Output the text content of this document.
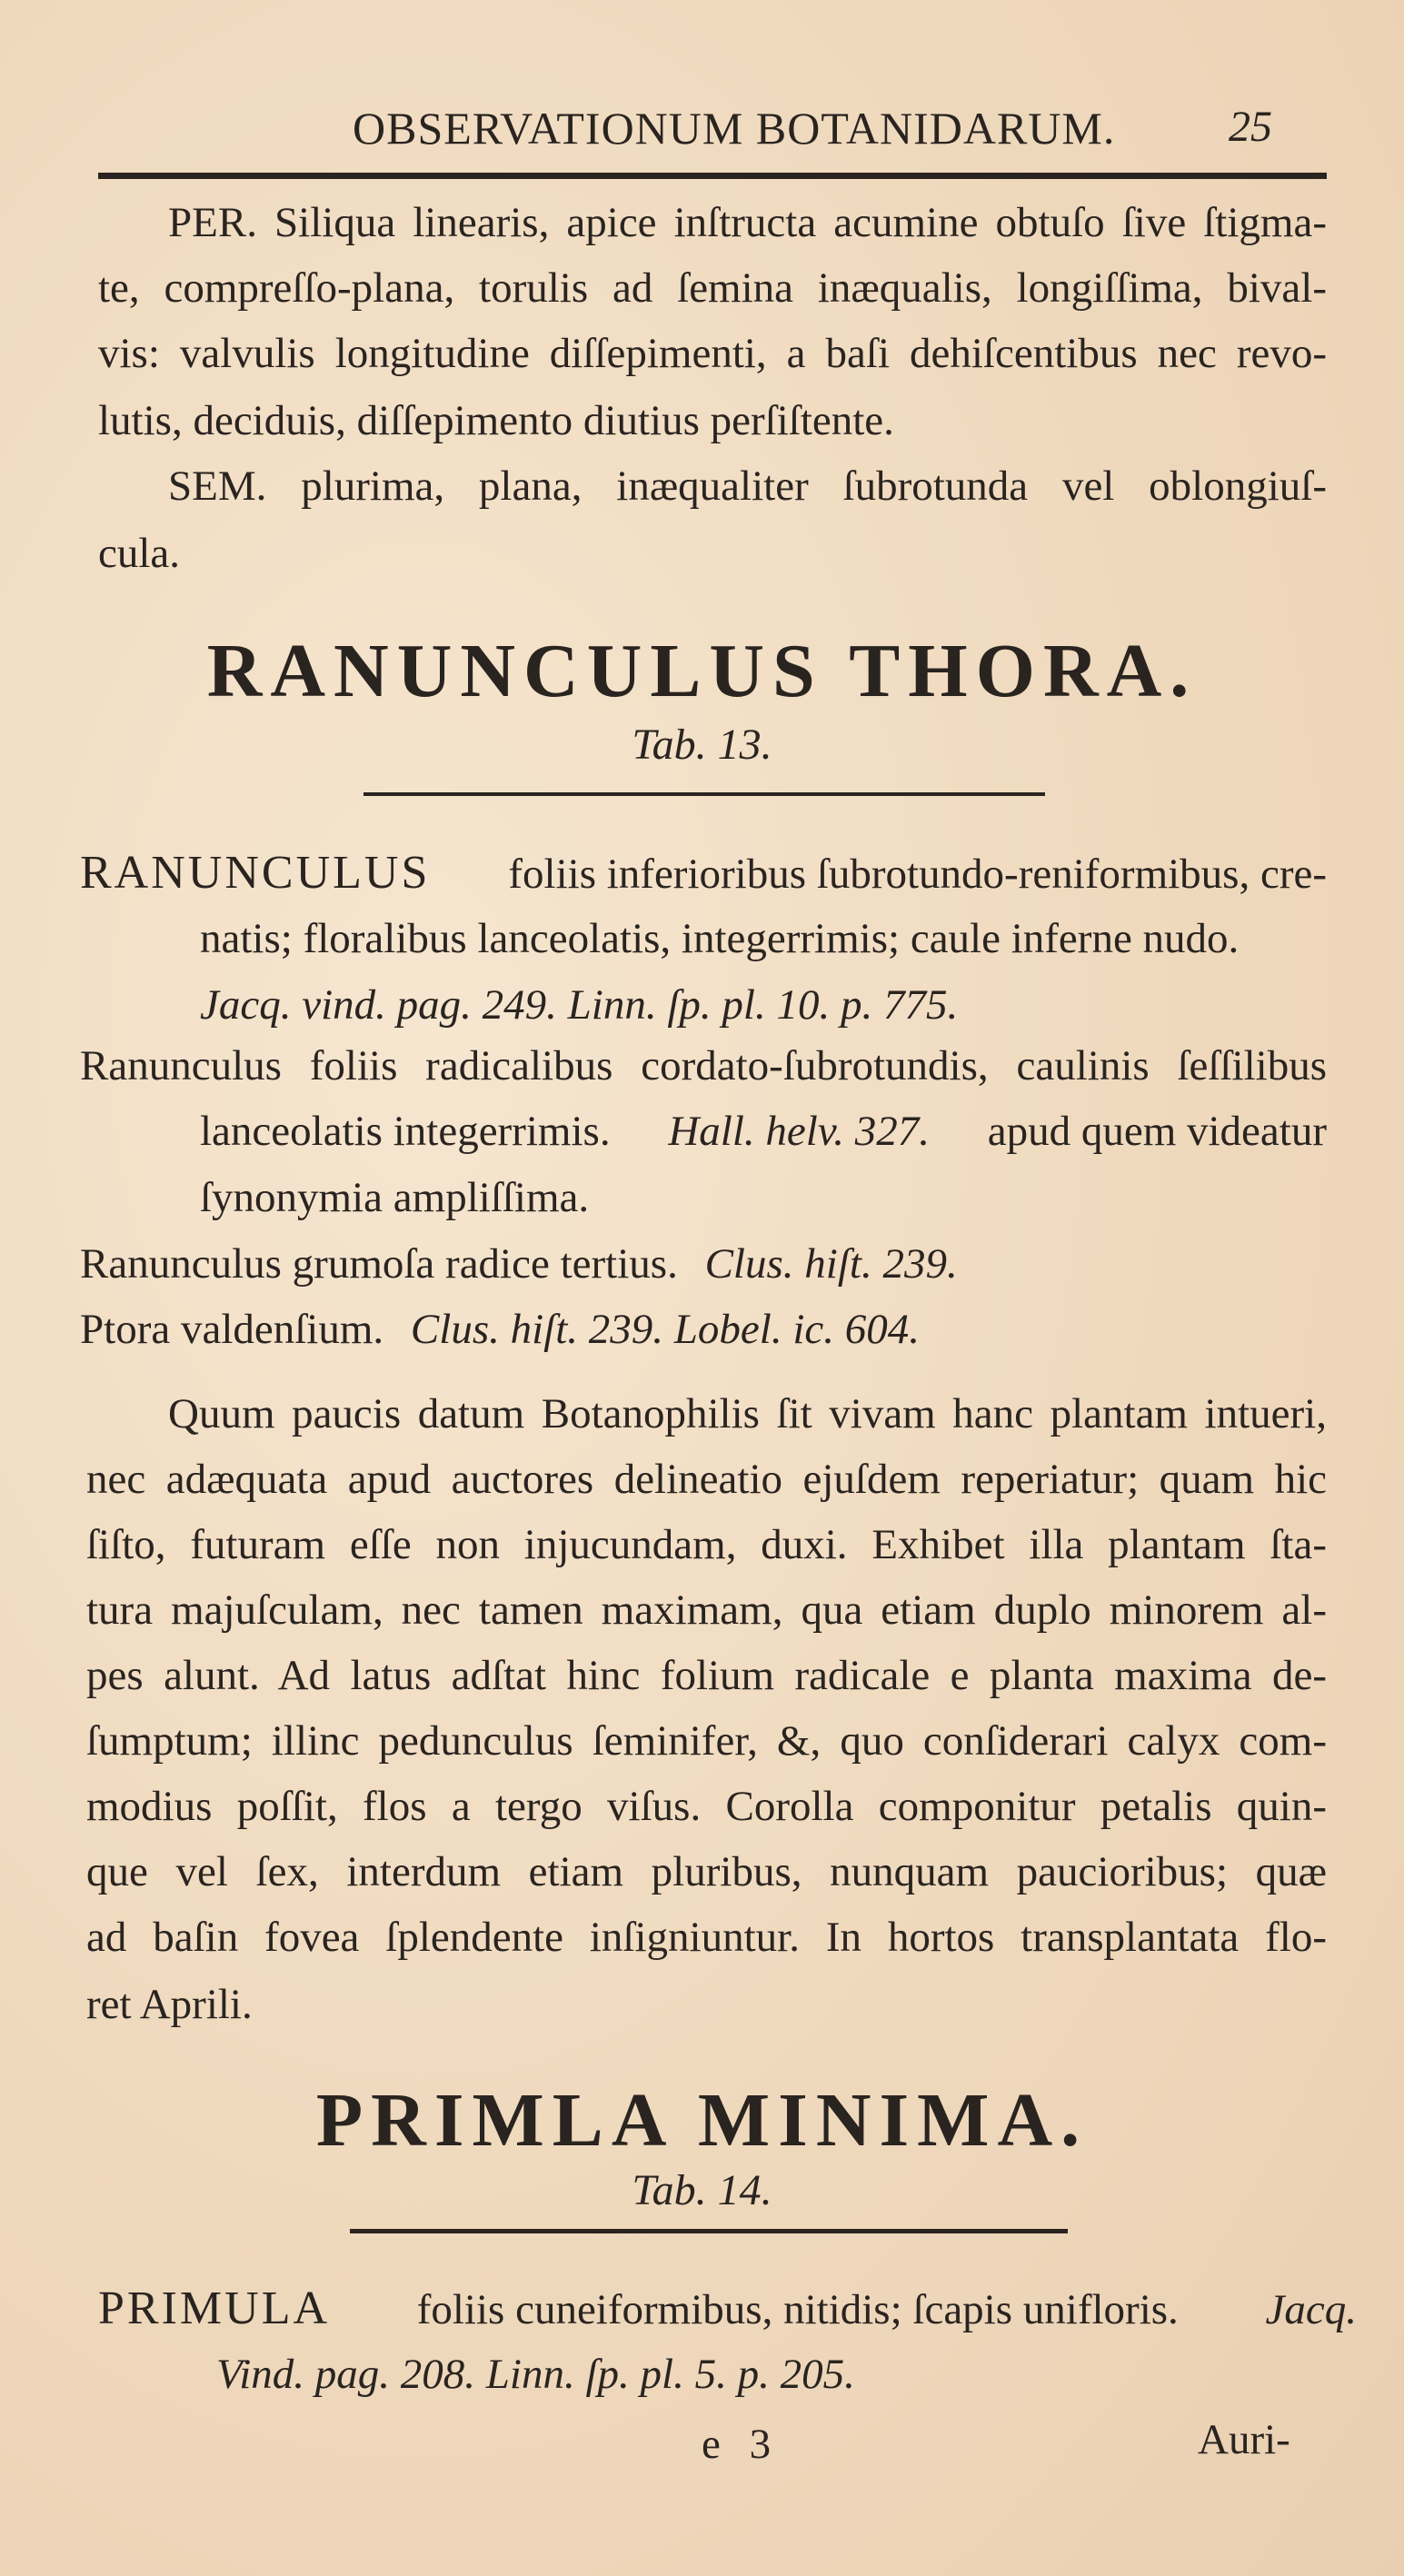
OBSERVATIONUM BOTANIDARUM.	25
PER. Siliqua linearis, apice inſtructa acumine obtuſo ſive ſtigma-
te, compreſſo-plana, torulis ad ſemina inæqualis, longiſſima, bival-
vis: valvulis longitudine diſſepimenti, a baſi dehiſcentibus nec revo-
lutis, deciduis, diſſepimento diutius perſiſtente.
SEM. plurima, plana, inæqualiter ſubrotunda vel oblongiuſ-
cula.
RANUNCULUS THORA.
Tab. 13.
RANUNCULUS foliis inferioribus ſubrotundo-reniformibus, cre-
natis; floralibus lanceolatis, integerrimis; caule inferne nudo.
Jacq. vind. pag. 249. Linn. ſp. pl. 10. p. 775.
Ranunculus foliis radicalibus cordato-ſubrotundis, caulinis ſeſſilibus
lanceolatis integerrimis. Hall. helv. 327. apud quem videatur
ſynonymia ampliſſima.
Ranunculus grumoſa radice tertius. Clus. hiſt. 239.
Ptora valdenſium. Clus. hiſt. 239. Lobel. ic. 604.
Quum paucis datum Botanophilis ſit vivam hanc plantam intueri,
nec adæquata apud auctores delineatio ejuſdem reperiatur; quam hic
ſiſto, futuram eſſe non injucundam, duxi. Exhibet illa plantam ſta-
tura majuſculam, nec tamen maximam, qua etiam duplo minorem al-
pes alunt. Ad latus adſtat hinc folium radicale e planta maxima de-
ſumptum; illinc pedunculus ſeminifer, &, quo conſiderari calyx com-
modius poſſit, flos a tergo viſus. Corolla componitur petalis quin-
que vel ſex, interdum etiam pluribus, nunquam paucioribus; quæ
ad baſin fovea ſplendente inſigniuntur. In hortos transplantata flo-
ret Aprili.
PRIMLA MINIMA.
Tab. 14.
PRIMULA foliis cuneiformibus, nitidis; ſcapis unifloris. Jacq.
Vind. pag. 208. Linn. ſp. pl. 5. p. 205.
e 3	Auri-
